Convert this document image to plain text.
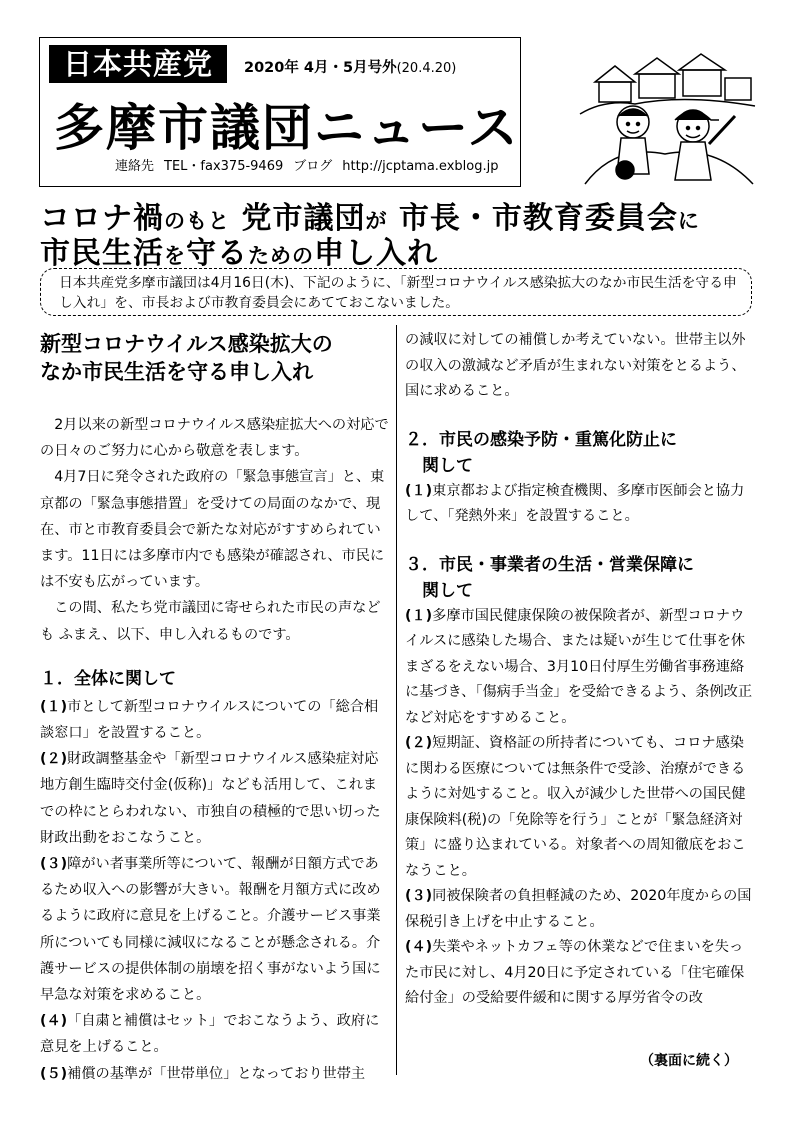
日本共産党	2020年 4月・5月号外(20.4.20)
多摩市議団ニュース
連絡先 TEL・fax375-9469 ブログ http://jcptama.exblog.jp
コロナ禍のもと 党市議団が 市長・市教育委員会に
市民生活を守るための申し入れ
日本共産党多摩市議団は4月16日(木)、下記のように、「新型コロナウイルス感染拡大のなか市民生活を守る申し入れ」を、市長および市教育委員会にあてておこないました。

新型コロナウイルス感染拡大の

なか市民生活を守る申し入れ

2月以来の新型コロナウイルス感染症拡大への対応での日々のご努力に心から敬意を表します。

4月7日に発令された政府の「緊急事態宣言」と、東京都の「緊急事態措置」を受けての局面のなかで、現在、市と市教育委員会で新たな対応がすすめられています。11日には多摩市内でも感染が確認され、市民には不安も広がっています。

この間、私たち党市議団に寄せられた市民の声なども ふまえ、以下、申し入れるものです。

１．全体に関して

(１)市として新型コロナウイルスについての「総合相談窓口」を設置すること。

(２)財政調整基金や「新型コロナウイルス感染症対応地方創生臨時交付金(仮称)」なども活用して、これまでの枠にとらわれない、市独自の積極的で思い切った財政出動をおこなうこと。

(３)障がい者事業所等について、報酬が日額方式であるため収入への影響が大きい。報酬を月額方式に改めるように政府に意見を上げること。介護サービス事業所についても同様に減収になることが懸念される。介護サービスの提供体制の崩壊を招く事がないよう国に早急な対策を求めること。

(４)「自粛と補償はセット」でおこなうよう、政府に意見を上げること。

(５)補償の基準が「世帯単位」となっており世帯主

の減収に対しての補償しか考えていない。世帯主以外の収入の激減など矛盾が生まれない対策をとるよう、国に求めること。

２．市民の感染予防・重篤化防止に

関して

(１)東京都および指定検査機関、多摩市医師会と協力して、「発熱外来」を設置すること。

３．市民・事業者の生活・営業保障に

関して

(１)多摩市国民健康保険の被保険者が、新型コロナウイルスに感染した場合、または疑いが生じて仕事を休まざるをえない場合、3月10日付厚生労働省事務連絡に基づき、「傷病手当金」を受給できるよう、条例改正など対応をすすめること。

(２)短期証、資格証の所持者についても、コロナ感染に関わる医療については無条件で受診、治療ができるように対処すること。収入が減少した世帯への国民健康保険料(税)の「免除等を行う」ことが「緊急経済対策」に盛り込まれている。対象者への周知徹底をおこなうこと。

(３)同被保険者の負担軽減のため、2020年度からの国保税引き上げを中止すること。

(４)失業やネットカフェ等の休業などで住まいを失った市民に対し、4月20日に予定されている「住宅確保給付金」の受給要件緩和に関する厚労省令の改

（裏面に続く）
